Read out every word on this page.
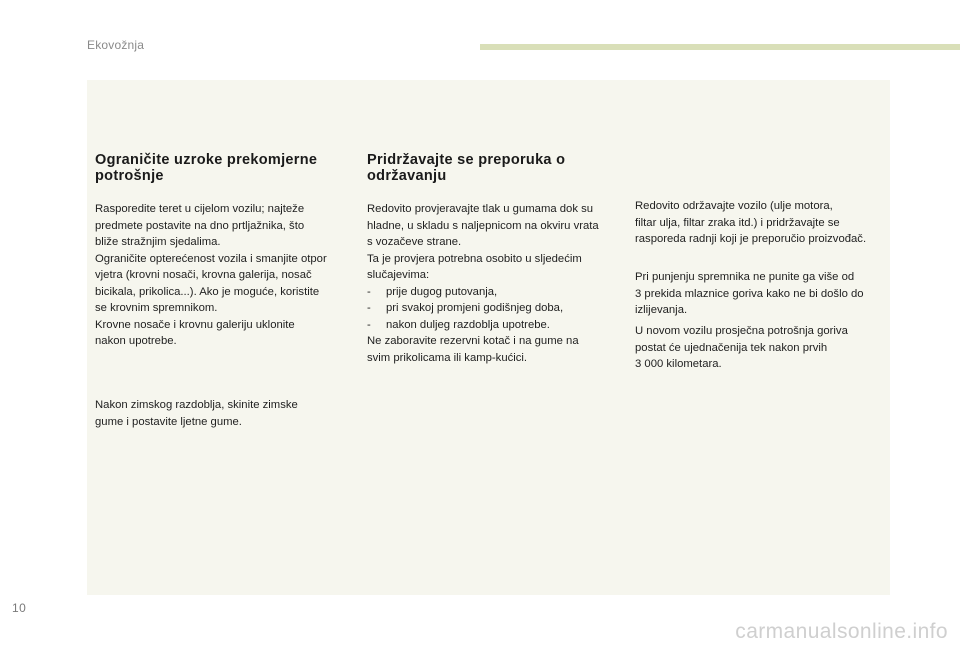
Ekovožnja

Ograničite uzroke prekomjerne
potrošnje

Rasporedite teret u cijelom vozilu; najteže
predmete postavite na dno prtljažnika, što
bliže stražnjim sjedalima.
Ograničite opterećenost vozila i smanjite otpor
vjetra (krovni nosači, krovna galerija, nosač
bicikala, prikolica...). Ako je moguće, koristite
se krovnim spremnikom.
Krovne nosače i krovnu galeriju uklonite
nakon upotrebe.

Nakon zimskog razdoblja, skinite zimske
gume i postavite ljetne gume.

Pridržavajte se preporuka o
održavanju

Redovito provjeravajte tlak u gumama dok su
hladne, u skladu s naljepnicom na okviru vrata
s vozačeve strane.
Ta je provjera potrebna osobito u sljedećim
slučajevima:
-	prije dugog putovanja,
-	pri svakoj promjeni godišnjeg doba,
-	nakon duljeg razdoblja upotrebe.
Ne zaboravite rezervni kotač i na gume na
svim prikolicama ili kamp-kućici.

Redovito održavajte vozilo (ulje motora,
filtar ulja, filtar zraka itd.) i pridržavajte se
rasporeda radnji koji je preporučio proizvođač.

Pri punjenju spremnika ne punite ga više od
3 prekida mlaznice goriva kako ne bi došlo do
izlijevanja.

U novom vozilu prosječna potrošnja goriva
postat će ujednačenija tek nakon prvih
3 000 kilometara.

10
carmanualsonline.info
